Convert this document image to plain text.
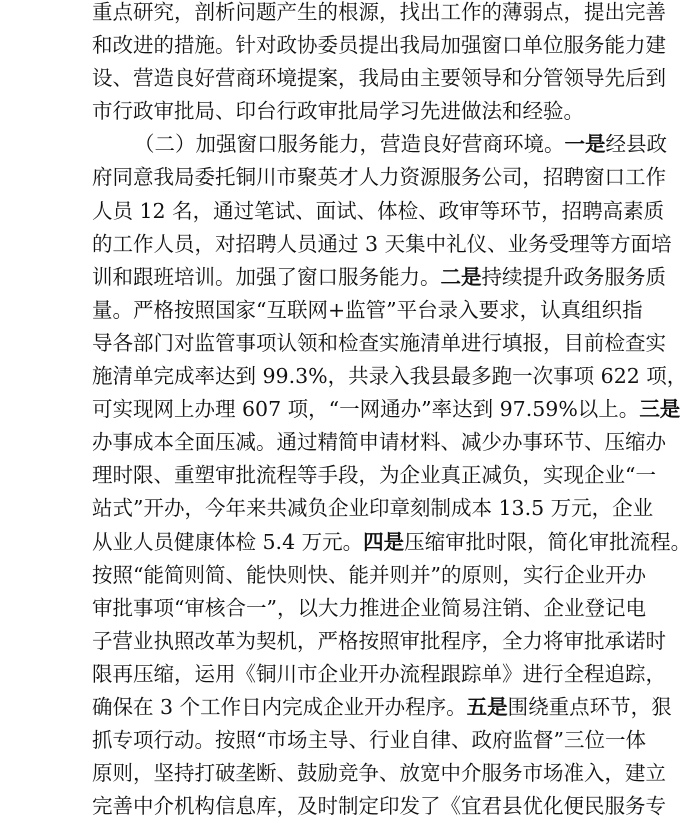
重点研究，剖析问题产生的根源，找出工作的薄弱点，提出完善
和改进的措施。针对政协委员提出我局加强窗口单位服务能力建
设、营造良好营商环境提案，我局由主要领导和分管领导先后到
市行政审批局、印台行政审批局学习先进做法和经验。
（二）加强窗口服务能力，营造良好营商环境。一是经县政
府同意我局委托铜川市聚英才人力资源服务公司，招聘窗口工作
人员 12 名，通过笔试、面试、体检、政审等环节，招聘高素质
的工作人员，对招聘人员通过 3 天集中礼仪、业务受理等方面培
训和跟班培训。加强了窗口服务能力。二是持续提升政务服务质
量。严格按照国家“互联网+监管”平台录入要求，认真组织指
导各部门对监管事项认领和检查实施清单进行填报，目前检查实
施清单完成率达到 99.3%，共录入我县最多跑一次事项 622 项，
可实现网上办理 607 项，“一网通办”率达到 97.59%以上。三是
办事成本全面压减。通过精简申请材料、减少办事环节、压缩办
理时限、重塑审批流程等手段，为企业真正减负，实现企业“一
站式”开办，今年来共减负企业印章刻制成本 13.5 万元，企业
从业人员健康体检 5.4 万元。四是压缩审批时限，简化审批流程。
按照“能简则简、能快则快、能并则并”的原则，实行企业开办
审批事项“审核合一”，以大力推进企业简易注销、企业登记电
子营业执照改革为契机，严格按照审批程序，全力将审批承诺时
限再压缩，运用《铜川市企业开办流程跟踪单》进行全程追踪，
确保在 3 个工作日内完成企业开办程序。五是围绕重点环节，狠
抓专项行动。按照“市场主导、行业自律、政府监督”三位一体
原则，坚持打破垄断、鼓励竞争、放宽中介服务市场准入，建立
完善中介机构信息库，及时制定印发了《宜君县优化便民服务专
